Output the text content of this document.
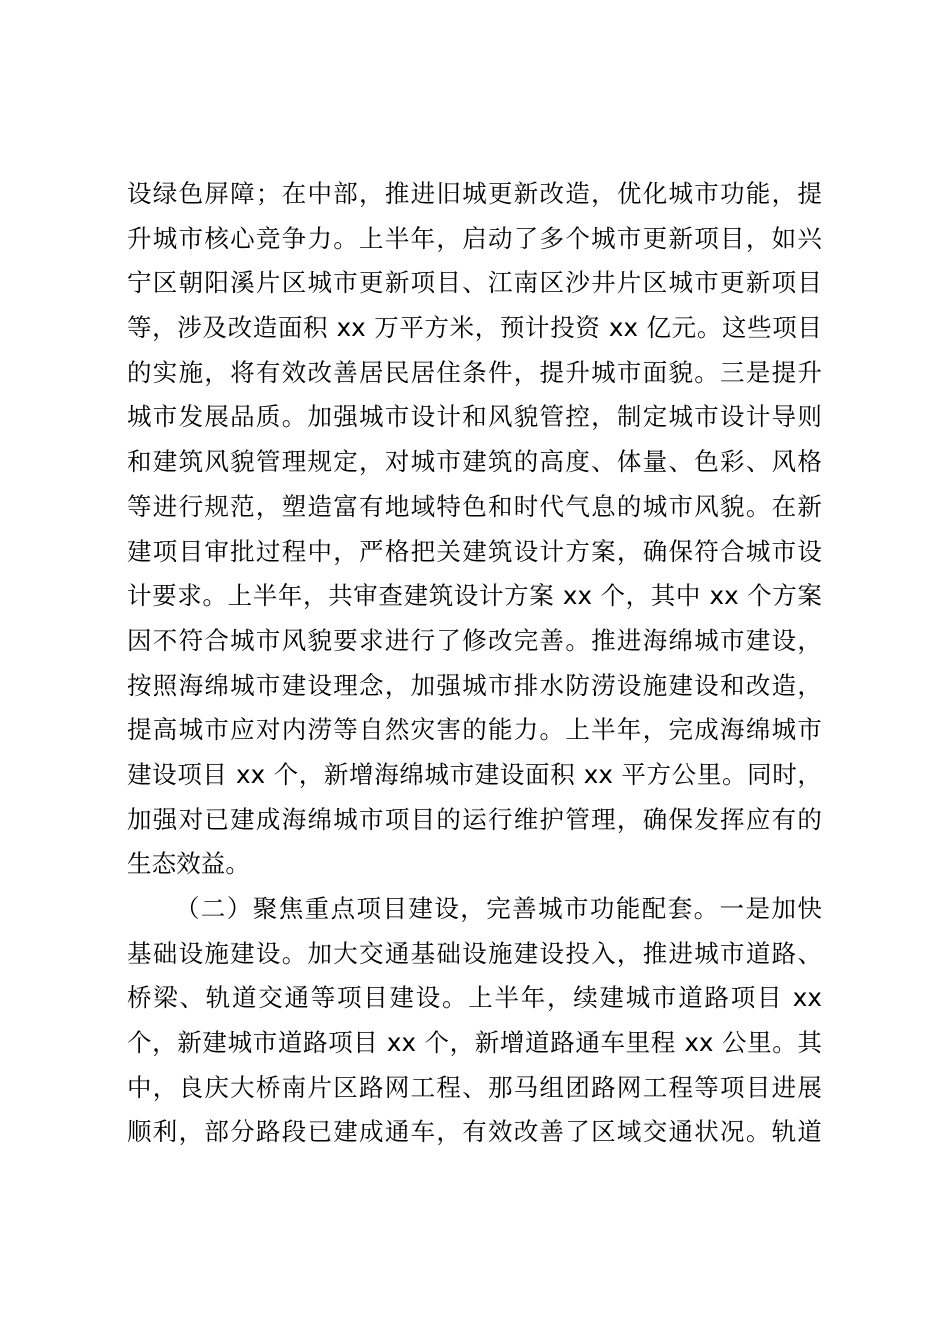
设绿色屏障；在中部，推进旧城更新改造，优化城市功能，提
升城市核心竞争力。上半年，启动了多个城市更新项目，如兴
宁区朝阳溪片区城市更新项目、江南区沙井片区城市更新项目
等，涉及改造面积 xx 万平方米，预计投资 xx 亿元。这些项目
的实施，将有效改善居民居住条件，提升城市面貌。三是提升
城市发展品质。加强城市设计和风貌管控，制定城市设计导则
和建筑风貌管理规定，对城市建筑的高度、体量、色彩、风格
等进行规范，塑造富有地域特色和时代气息的城市风貌。在新
建项目审批过程中，严格把关建筑设计方案，确保符合城市设
计要求。上半年，共审查建筑设计方案 xx 个，其中 xx 个方案
因不符合城市风貌要求进行了修改完善。推进海绵城市建设，
按照海绵城市建设理念，加强城市排水防涝设施建设和改造，
提高城市应对内涝等自然灾害的能力。上半年，完成海绵城市
建设项目 xx 个，新增海绵城市建设面积 xx 平方公里。同时，
加强对已建成海绵城市项目的运行维护管理，确保发挥应有的
生态效益。
（二）聚焦重点项目建设，完善城市功能配套。一是加快
基础设施建设。加大交通基础设施建设投入，推进城市道路、
桥梁、轨道交通等项目建设。上半年，续建城市道路项目 xx
个，新建城市道路项目 xx 个，新增道路通车里程 xx 公里。其
中，良庆大桥南片区路网工程、那马组团路网工程等项目进展
顺利，部分路段已建成通车，有效改善了区域交通状况。轨道
